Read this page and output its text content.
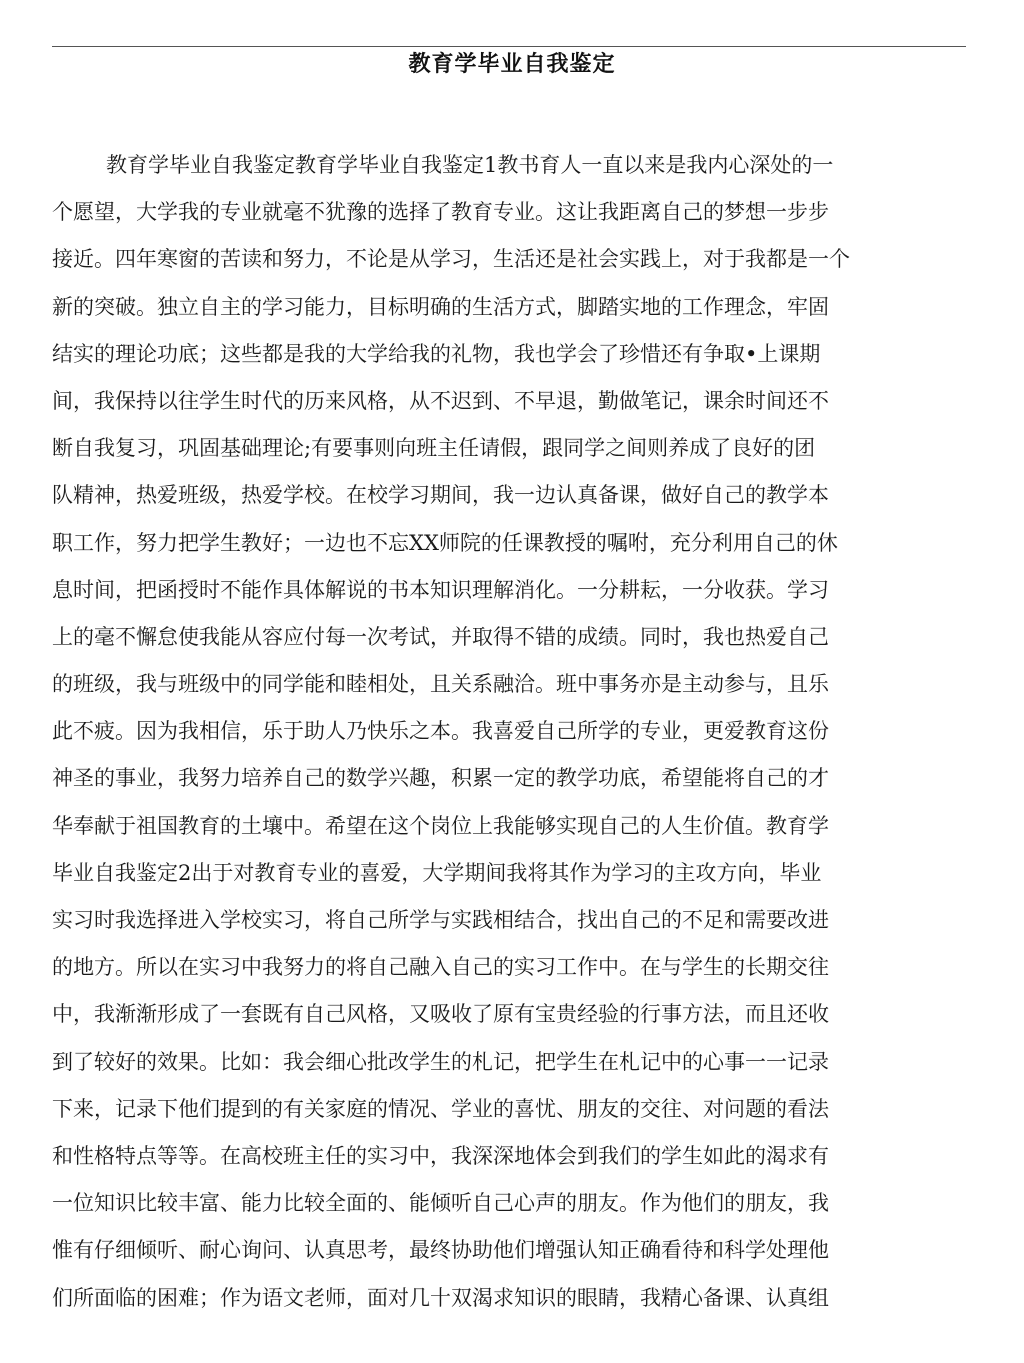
教育学毕业自我鉴定
教育学毕业自我鉴定教育学毕业自我鉴定1教书育人一直以来是我内心深处的一
个愿望，大学我的专业就毫不犹豫的选择了教育专业。这让我距离自己的梦想一步步
接近。四年寒窗的苦读和努力，不论是从学习，生活还是社会实践上，对于我都是一个
新的突破。独立自主的学习能力，目标明确的生活方式，脚踏实地的工作理念，牢固
结实的理论功底；这些都是我的大学给我的礼物，我也学会了珍惜还有争取•上课期
间，我保持以往学生时代的历来风格，从不迟到、不早退，勤做笔记，课余时间还不
断自我复习，巩固基础理论;有要事则向班主任请假，跟同学之间则养成了良好的团
队精神，热爱班级，热爱学校。在校学习期间，我一边认真备课，做好自己的教学本
职工作，努力把学生教好；一边也不忘XX师院的任课教授的嘱咐，充分利用自己的休
息时间，把函授时不能作具体解说的书本知识理解消化。一分耕耘，一分收获。学习
上的毫不懈怠使我能从容应付每一次考试，并取得不错的成绩。同时，我也热爱自己
的班级，我与班级中的同学能和睦相处，且关系融洽。班中事务亦是主动参与，且乐
此不疲。因为我相信，乐于助人乃快乐之本。我喜爱自己所学的专业，更爱教育这份
神圣的事业，我努力培养自己的数学兴趣，积累一定的教学功底，希望能将自己的才
华奉献于祖国教育的土壤中。希望在这个岗位上我能够实现自己的人生价值。教育学
毕业自我鉴定2出于对教育专业的喜爱，大学期间我将其作为学习的主攻方向，毕业
实习时我选择进入学校实习，将自己所学与实践相结合，找出自己的不足和需要改进
的地方。所以在实习中我努力的将自己融入自己的实习工作中。在与学生的长期交往
中，我渐渐形成了一套既有自己风格，又吸收了原有宝贵经验的行事方法，而且还收
到了较好的效果。比如：我会细心批改学生的札记，把学生在札记中的心事一一记录
下来，记录下他们提到的有关家庭的情况、学业的喜忧、朋友的交往、对问题的看法
和性格特点等等。在高校班主任的实习中，我深深地体会到我们的学生如此的渴求有
一位知识比较丰富、能力比较全面的、能倾听自己心声的朋友。作为他们的朋友，我
惟有仔细倾听、耐心询问、认真思考，最终协助他们增强认知正确看待和科学处理他
们所面临的困难；作为语文老师，面对几十双渴求知识的眼睛，我精心备课、认真组
